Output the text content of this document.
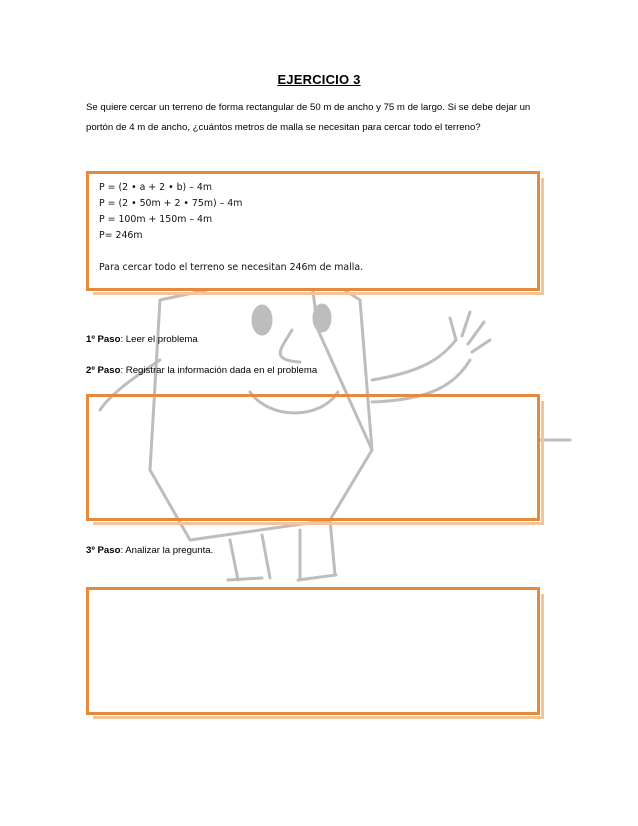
EJERCICIO 3
Se quiere cercar un terreno de forma rectangular de 50 m de ancho y 75 m de largo. Si se debe dejar un portón de 4 m de ancho, ¿cuántos metros de malla se necesitan para cercar todo el terreno?
P = (2 • a + 2 • b) – 4m
P = (2 • 50m + 2 • 75m) – 4m
P = 100m + 150m – 4m
P= 246m
Para cercar todo el terreno se necesitan 246m de malla.
1º Paso: Leer el problema
2º Paso: Registrar la información dada en el problema
3º Paso: Analizar la pregunta.
